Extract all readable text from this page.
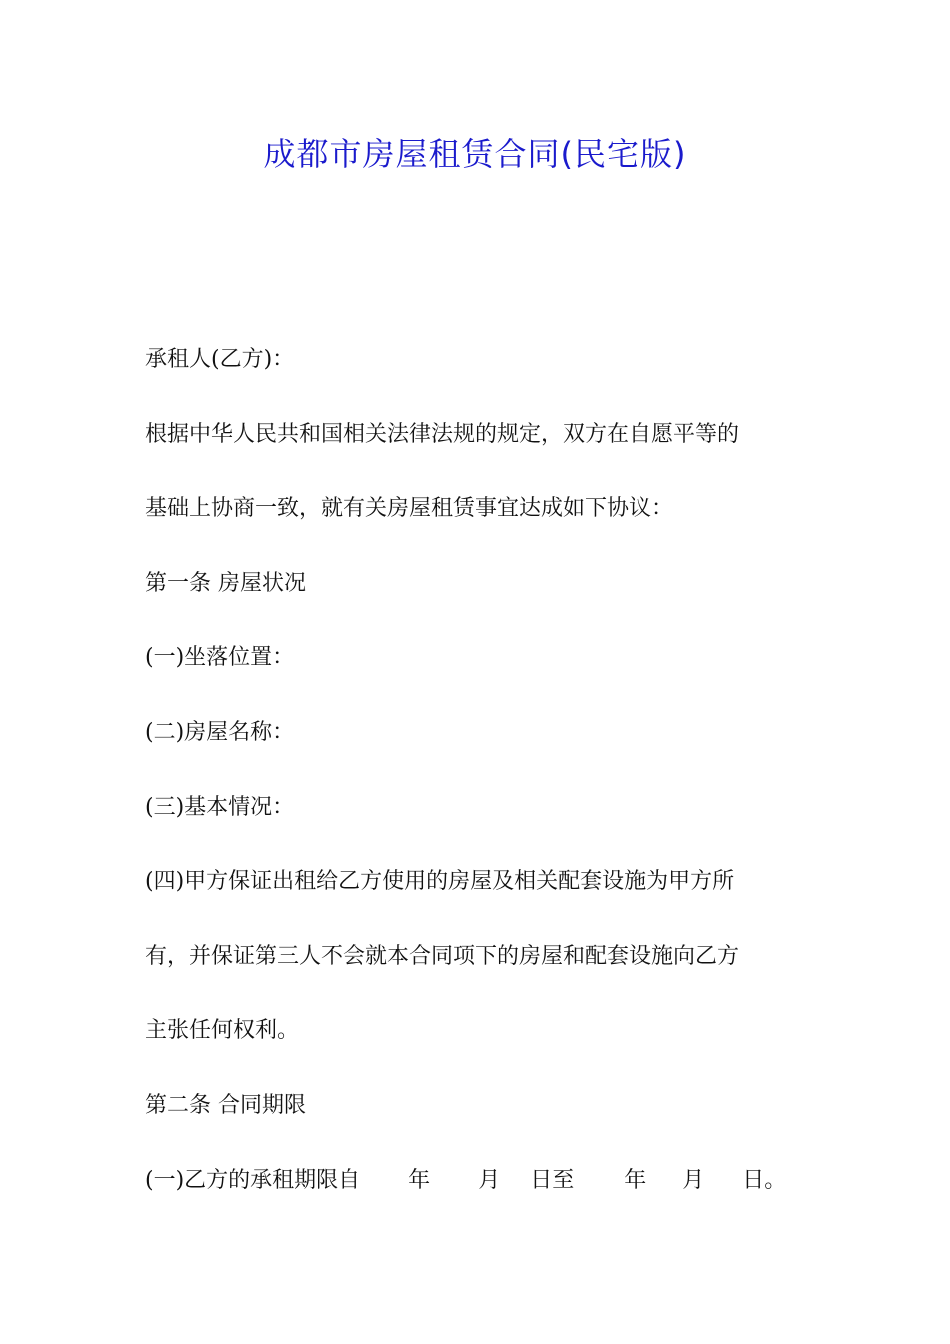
成都市房屋租赁合同(民宅版)
承租人(乙方)：
根据中华人民共和国相关法律法规的规定，双方在自愿平等的
基础上协商一致，就有关房屋租赁事宜达成如下协议：
第一条 房屋状况
(一)坐落位置：
(二)房屋名称：
(三)基本情况：
(四)甲方保证出租给乙方使用的房屋及相关配套设施为甲方所
有，并保证第三人不会就本合同项下的房屋和配套设施向乙方
主张任何权利。
第二条 合同期限
(一)乙方的承租期限自 年 月 日至 年 月 日。
